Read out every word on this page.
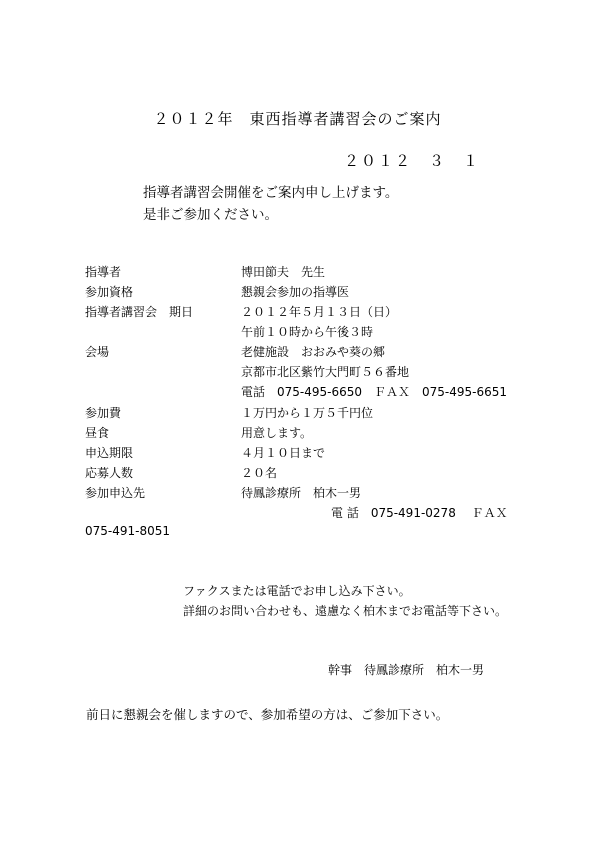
２０１２年　東西指導者講習会のご案内
２０１２　３　１
指導者講習会開催をご案内申し上げます。
是非ご参加ください。
指導者	博田節夫　先生
参加資格	懇親会参加の指導医
指導者講習会　期日	２０１２年５月１３日（日）
午前１０時から午後３時
会場	老健施設　おおみや葵の郷
京都市北区紫竹大門町５６番地
電話　075-495-6650　ＦＡＸ　075-495-6651
参加費	１万円から１万５千円位
昼食	用意します。
申込期限	４月１０日まで
応募人数	２０名
参加申込先	待鳳診療所　柏木一男
電 話　075-491-0278　 ＦＡＸ
075-491-8051
ファクスまたは電話でお申し込み下さい。
詳細のお問い合わせも、遠慮なく柏木までお電話等下さい。
幹事　待鳳診療所　柏木一男
前日に懇親会を催しますので、参加希望の方は、ご参加下さい。
